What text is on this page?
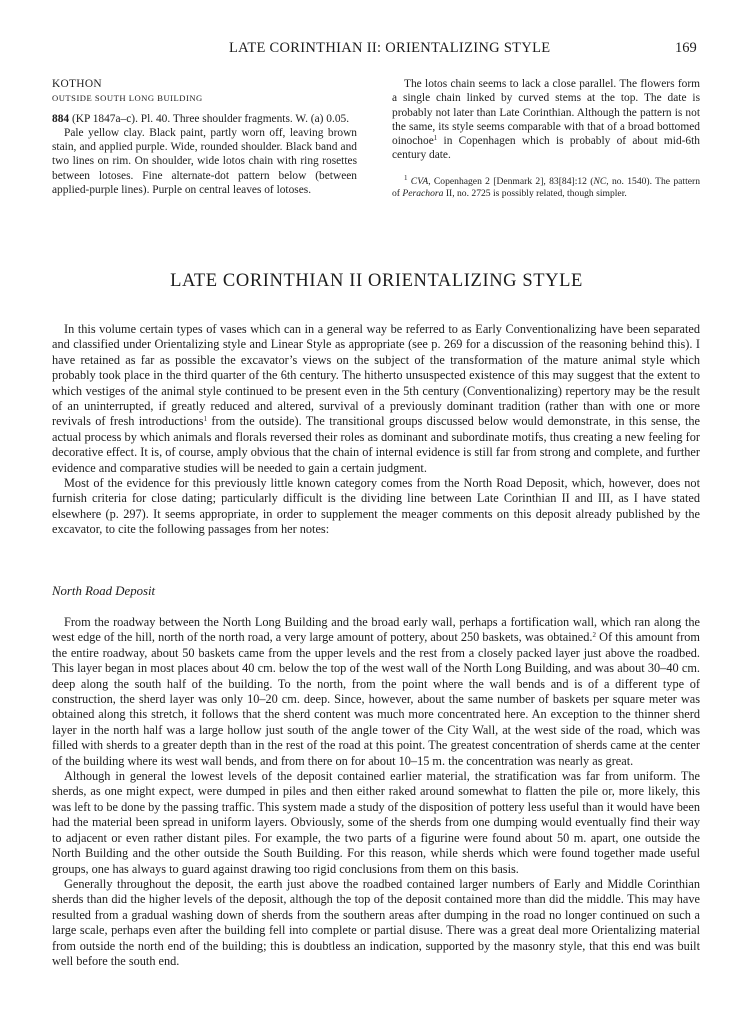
LATE CORINTHIAN II: ORIENTALIZING STYLE	169
KOTHON
OUTSIDE SOUTH LONG BUILDING

884 (KP 1847a–c). Pl. 40. Three shoulder fragments. W. (a) 0.05.

Pale yellow clay. Black paint, partly worn off, leaving brown stain, and applied purple. Wide, rounded shoulder. Black band and two lines on rim. On shoulder, wide lotos chain with ring rosettes between lotoses. Fine alternate-dot pattern below (between applied-purple lines). Purple on central leaves of lotoses.

The lotos chain seems to lack a close parallel. The flowers form a single chain linked by curved stems at the top. The date is probably not later than Late Corinthian. Although the pattern is not the same, its style seems comparable with that of a broad bottomed oinochoe$^1$ in Copenhagen which is probably of about mid-6th century date.

$^1$ CVA, Copenhagen 2 [Denmark 2], 83[84]:12 (NC, no. 1540). The pattern of Perachora II, no. 2725 is possibly related, though simpler.

LATE CORINTHIAN II ORIENTALIZING STYLE

In this volume certain types of vases which can in a general way be referred to as Early Conventionalizing have been separated and classified under Orientalizing style and Linear Style as appropriate (see p. 269 for a discussion of the reasoning behind this). I have retained as far as possible the excavator’s views on the subject of the transformation of the mature animal style which probably took place in the third quarter of the 6th century. The hitherto unsuspected existence of this may suggest that the extent to which vestiges of the animal style continued to be present even in the 5th century (Conventionalizing) repertory may be the result of an uninterrupted, if greatly reduced and altered, survival of a previously dominant tradition (rather than with one or more revivals of fresh introductions$^1$ from the outside). The transitional groups discussed below would demonstrate, in this sense, the actual process by which animals and florals reversed their roles as dominant and subordinate motifs, thus creating a new feeling for decorative effect. It is, of course, amply obvious that the chain of internal evidence is still far from strong and complete, and further evidence and comparative studies will be needed to gain a certain judgment.

Most of the evidence for this previously little known category comes from the North Road Deposit, which, however, does not furnish criteria for close dating; particularly difficult is the dividing line between Late Corinthian II and III, as I have stated elsewhere (p. 297). It seems appropriate, in order to supplement the meager comments on this deposit already published by the excavator, to cite the following passages from her notes:

North Road Deposit

From the roadway between the North Long Building and the broad early wall, perhaps a fortification wall, which ran along the west edge of the hill, north of the north road, a very large amount of pottery, about 250 baskets, was obtained.$^2$ Of this amount from the entire roadway, about 50 baskets came from the upper levels and the rest from a closely packed layer just above the roadbed. This layer began in most places about 40 cm. below the top of the west wall of the North Long Building, and was about 30–40 cm. deep along the south half of the building. To the north, from the point where the wall bends and is of a different type of construction, the sherd layer was only 10–20 cm. deep. Since, however, about the same number of baskets per square meter was obtained along this stretch, it follows that the sherd content was much more concentrated here. An exception to the thinner sherd layer in the north half was a large hollow just south of the angle tower of the City Wall, at the west side of the road, which was filled with sherds to a greater depth than in the rest of the road at this point. The greatest concentration of sherds came at the center of the building where its west wall bends, and from there on for about 10–15 m. the concentration was nearly as great.

Although in general the lowest levels of the deposit contained earlier material, the stratification was far from uniform. The sherds, as one might expect, were dumped in piles and then either raked around somewhat to flatten the pile or, more likely, this was left to be done by the passing traffic. This system made a study of the disposition of pottery less useful than it would have been had the material been spread in uniform layers. Obviously, some of the sherds from one dumping would eventually find their way to adjacent or even rather distant piles. For example, the two parts of a figurine were found about 50 m. apart, one outside the North Building and the other outside the South Building. For this reason, while sherds which were found together made useful groups, one has always to guard against drawing too rigid conclusions from them on this basis.

Generally throughout the deposit, the earth just above the roadbed contained larger numbers of Early and Middle Corinthian sherds than did the higher levels of the deposit, although the top of the deposit contained more than did the middle. This may have resulted from a gradual washing down of sherds from the southern areas after dumping in the road no longer continued on such a large scale, perhaps even after the building fell into complete or partial disuse. There was a great deal more Orientalizing material from outside the north end of the building; this is doubtless an indication, supported by the masonry style, that this end was built well before the south end.
